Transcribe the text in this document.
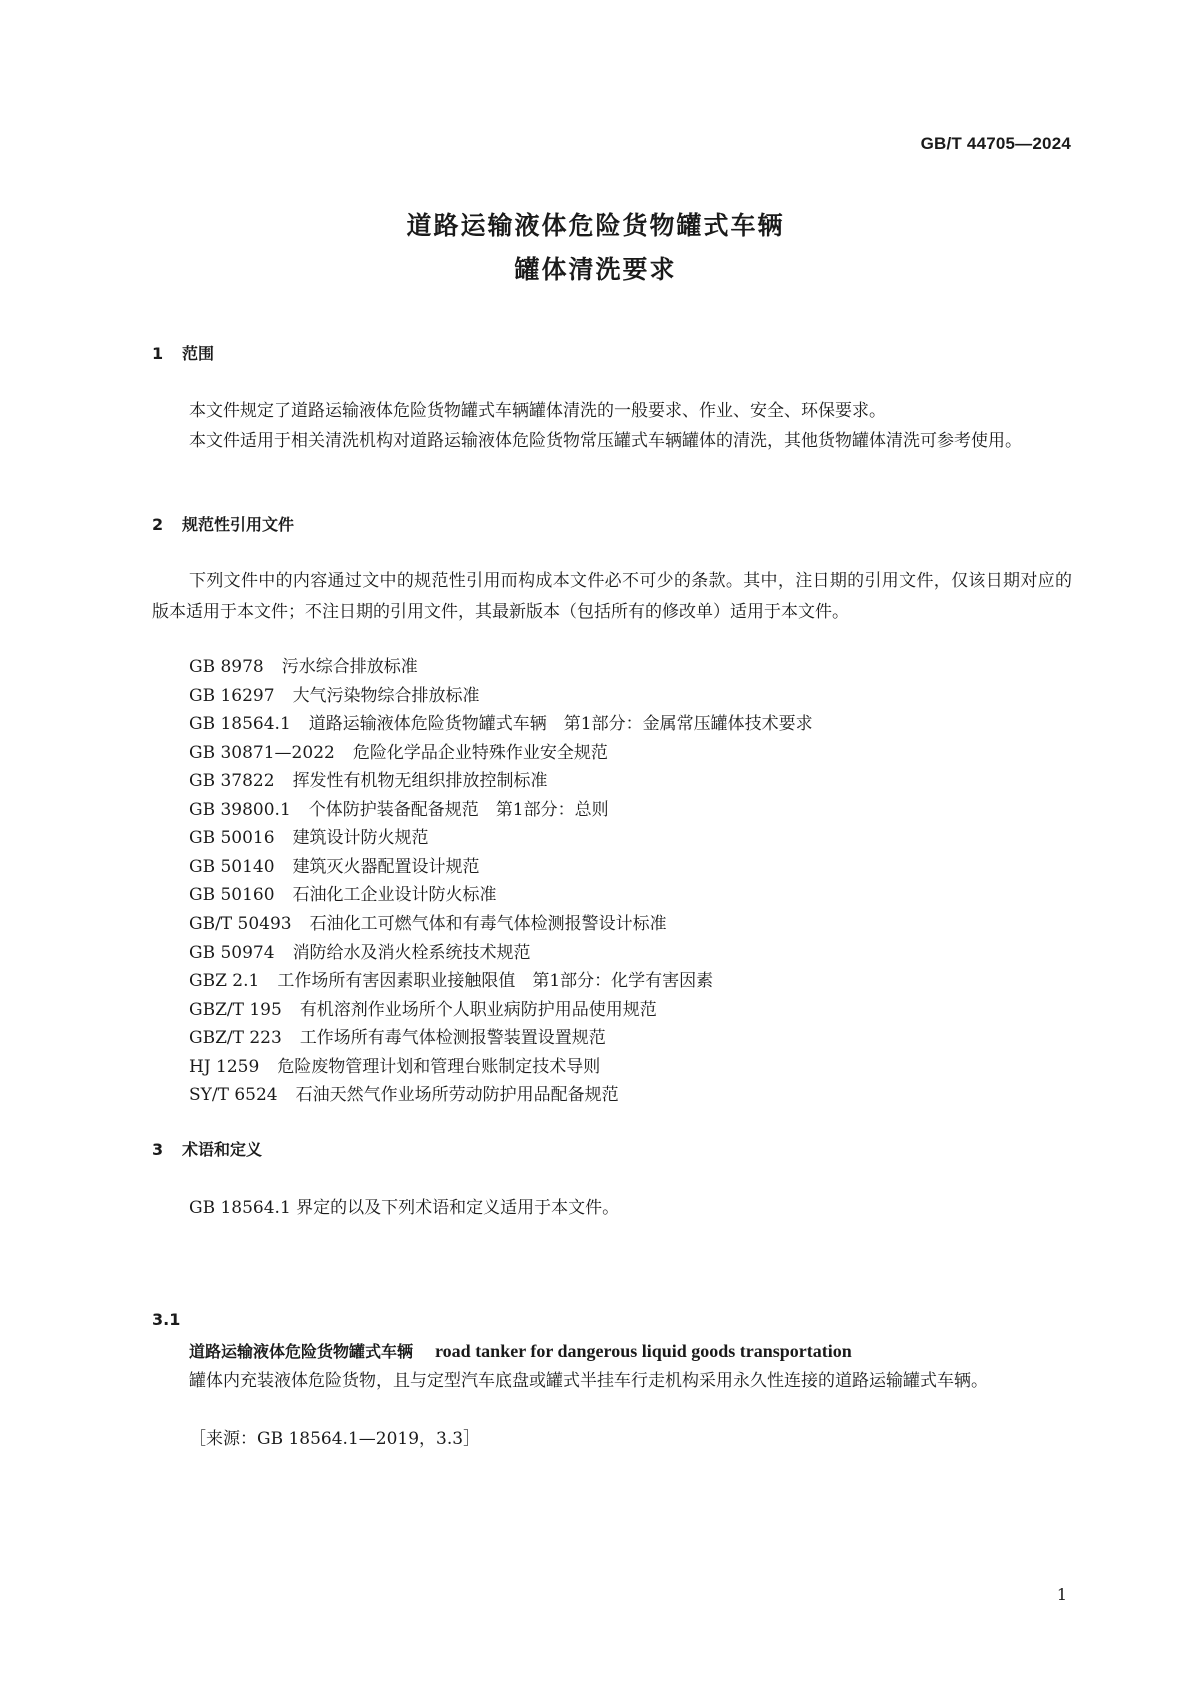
GB/T 44705—2024
道路运输液体危险货物罐式车辆
罐体清洗要求
1 范围

本文件规定了道路运输液体危险货物罐式车辆罐体清洗的一般要求、作业、安全、环保要求。

本文件适用于相关清洗机构对道路运输液体危险货物常压罐式车辆罐体的清洗，其他货物罐体清洗可参考使用。

2 规范性引用文件

下列文件中的内容通过文中的规范性引用而构成本文件必不可少的条款。其中，注日期的引用文件，仅该日期对应的版本适用于本文件；不注日期的引用文件，其最新版本（包括所有的修改单）适用于本文件。

GB 8978 污水综合排放标准
GB 16297 大气污染物综合排放标准
GB 18564.1 道路运输液体危险货物罐式车辆　第1部分：金属常压罐体技术要求
GB 30871—2022 危险化学品企业特殊作业安全规范
GB 37822 挥发性有机物无组织排放控制标准
GB 39800.1 个体防护装备配备规范　第1部分：总则
GB 50016 建筑设计防火规范
GB 50140 建筑灭火器配置设计规范
GB 50160 石油化工企业设计防火标准
GB/T 50493 石油化工可燃气体和有毒气体检测报警设计标准
GB 50974 消防给水及消火栓系统技术规范
GBZ 2.1 工作场所有害因素职业接触限值　第1部分：化学有害因素
GBZ/T 195 有机溶剂作业场所个人职业病防护用品使用规范
GBZ/T 223 工作场所有毒气体检测报警装置设置规范
HJ 1259 危险废物管理计划和管理台账制定技术导则
SY/T 6524 石油天然气作业场所劳动防护用品配备规范
3 术语和定义
GB 18564.1 界定的以及下列术语和定义适用于本文件。
3.1
道路运输液体危险货物罐式车辆 road tanker for dangerous liquid goods transportation

罐体内充装液体危险货物，且与定型汽车底盘或罐式半挂车行走机构采用永久性连接的道路运输罐式车辆。

［来源：GB 18564.1—2019，3.3］
1
